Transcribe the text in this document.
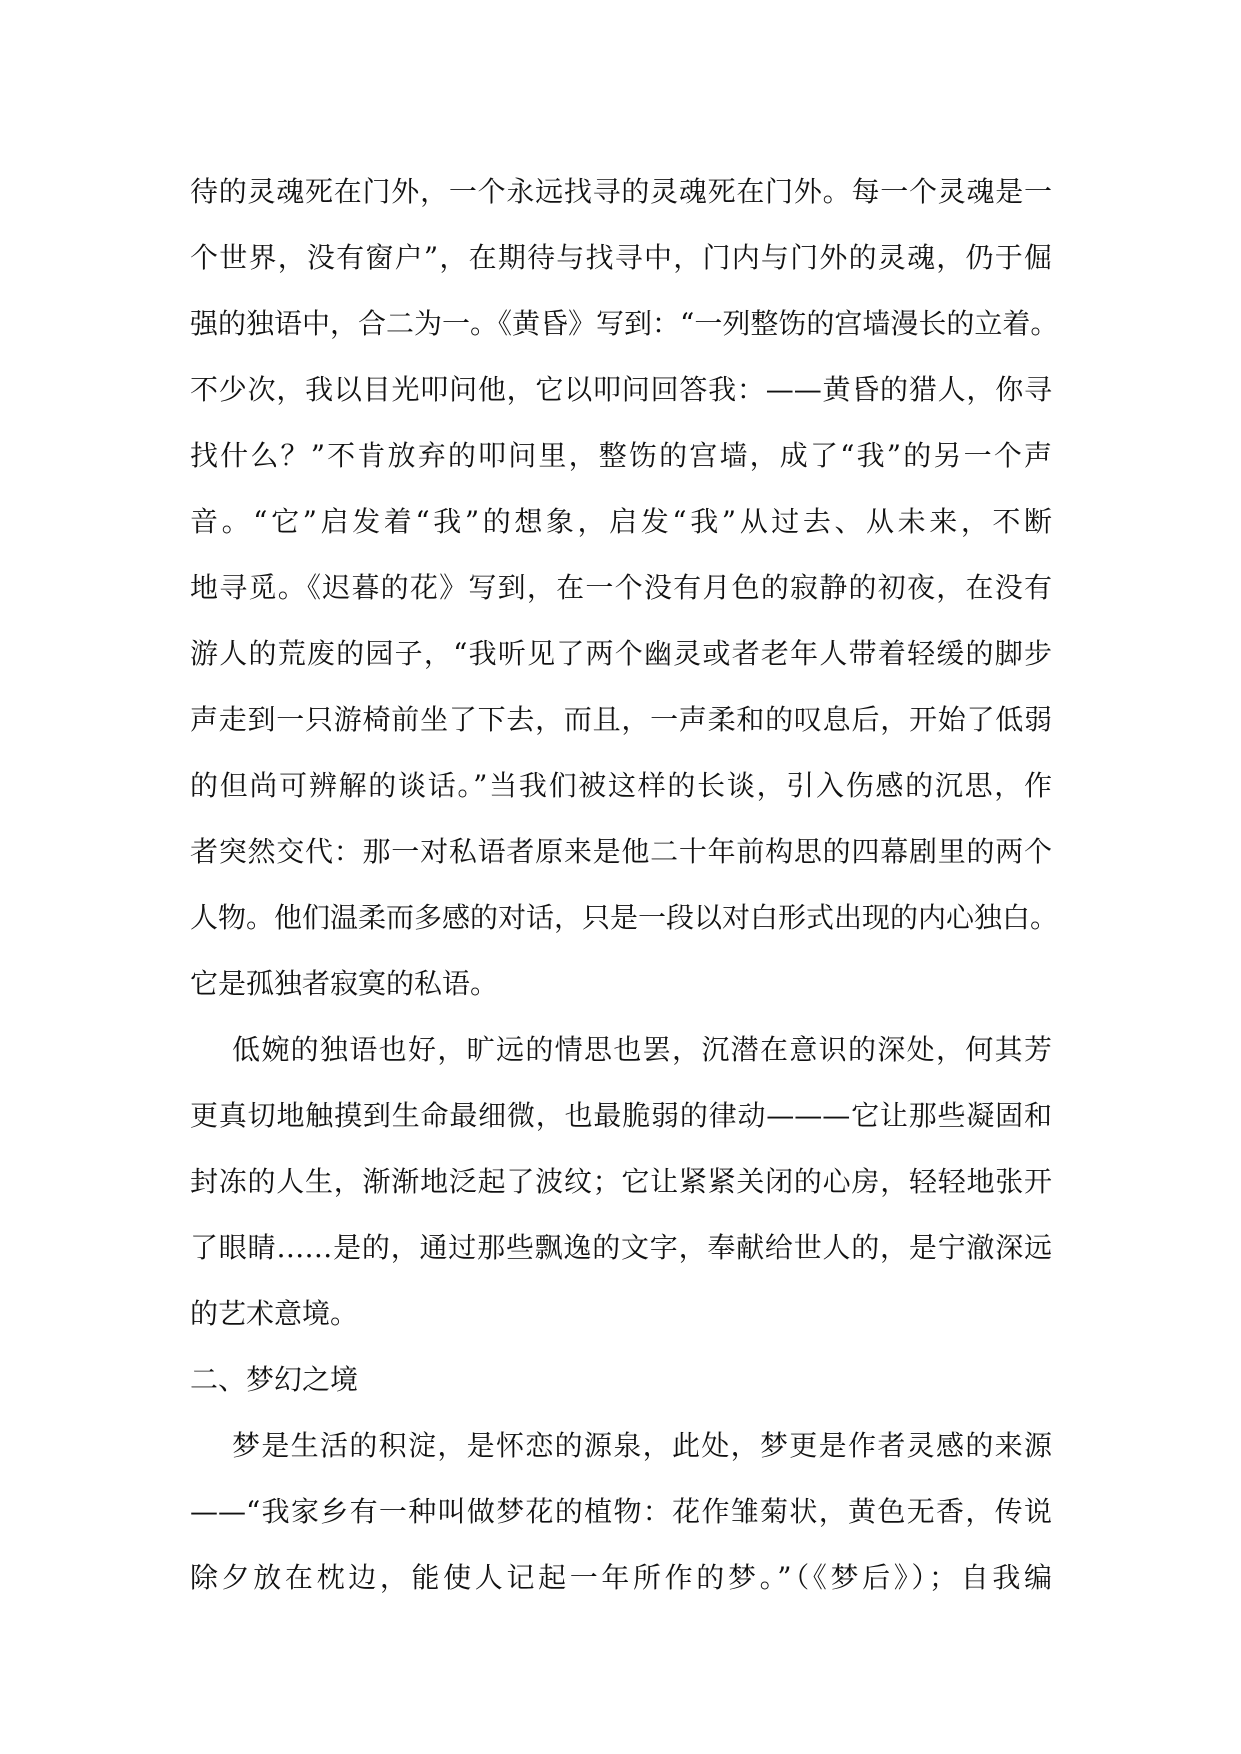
待的灵魂死在门外，一个永远找寻的灵魂死在门外。每一个灵魂是一
个世界，没有窗户”，在期待与找寻中，门内与门外的灵魂，仍于倔
强的独语中，合二为一。《黄昏》写到：“一列整饬的宫墙漫长的立着。
不少次，我以目光叩问他，它以叩问回答我：——黄昏的猎人，你寻
找什么？”不肯放弃的叩问里，整饬的宫墙，成了“我”的另一个声
音。“它”启发着“我”的想象，启发“我”从过去、从未来，不断
地寻觅。《迟暮的花》写到，在一个没有月色的寂静的初夜，在没有
游人的荒废的园子，“我听见了两个幽灵或者老年人带着轻缓的脚步
声走到一只游椅前坐了下去，而且，一声柔和的叹息后，开始了低弱
的但尚可辨解的谈话。”当我们被这样的长谈，引入伤感的沉思，作
者突然交代：那一对私语者原来是他二十年前构思的四幕剧里的两个
人物。他们温柔而多感的对话，只是一段以对白形式出现的内心独白。
它是孤独者寂寞的私语。
低婉的独语也好，旷远的情思也罢，沉潜在意识的深处，何其芳
更真切地触摸到生命最细微，也最脆弱的律动———它让那些凝固和
封冻的人生，渐渐地泛起了波纹；它让紧紧关闭的心房，轻轻地张开
了眼睛……是的，通过那些飘逸的文字，奉献给世人的，是宁澈深远
的艺术意境。
二、梦幻之境
梦是生活的积淀，是怀恋的源泉，此处，梦更是作者灵感的来源
——“我家乡有一种叫做梦花的植物：花作雏菊状，黄色无香，传说
除夕放在枕边，能使人记起一年所作的梦。”（《梦后》）；自我编
